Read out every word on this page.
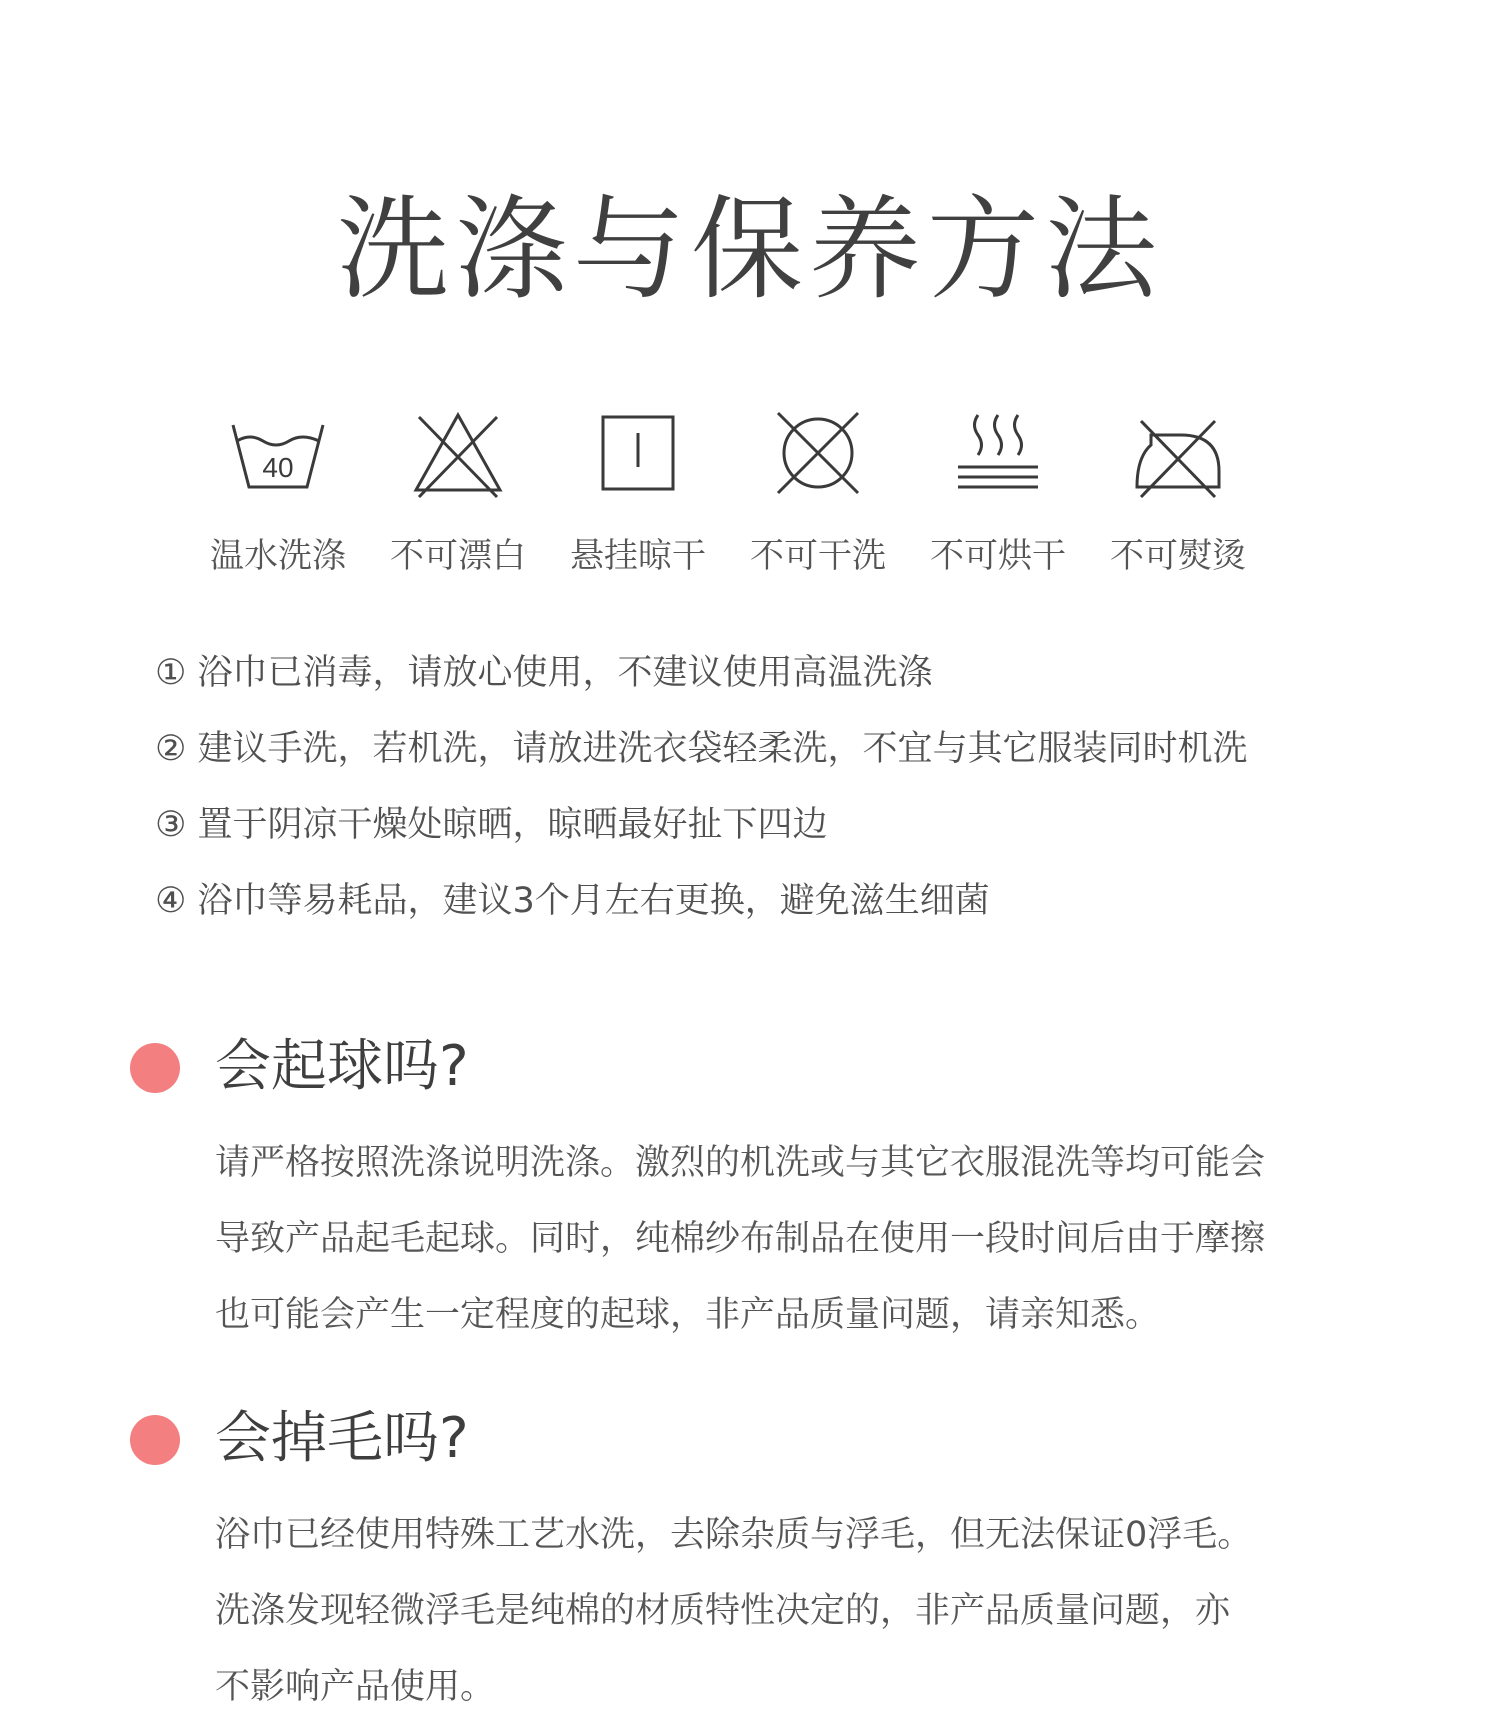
洗涤与保养方法
40
温水洗涤	不可漂白	悬挂晾干	不可干洗	不可烘干	不可熨烫
① 浴巾已消毒，请放心使用，不建议使用高温洗涤
② 建议手洗，若机洗，请放进洗衣袋轻柔洗，不宜与其它服装同时机洗
③ 置于阴凉干燥处晾晒，晾晒最好扯下四边
④ 浴巾等易耗品，建议3个月左右更换，避免滋生细菌
会起球吗?
请严格按照洗涤说明洗涤。激烈的机洗或与其它衣服混洗等均可能会
导致产品起毛起球。同时，纯棉纱布制品在使用一段时间后由于摩擦
也可能会产生一定程度的起球，非产品质量问题，请亲知悉。
会掉毛吗?
浴巾已经使用特殊工艺水洗，去除杂质与浮毛，但无法保证0浮毛。
洗涤发现轻微浮毛是纯棉的材质特性决定的，非产品质量问题，亦
不影响产品使用。
